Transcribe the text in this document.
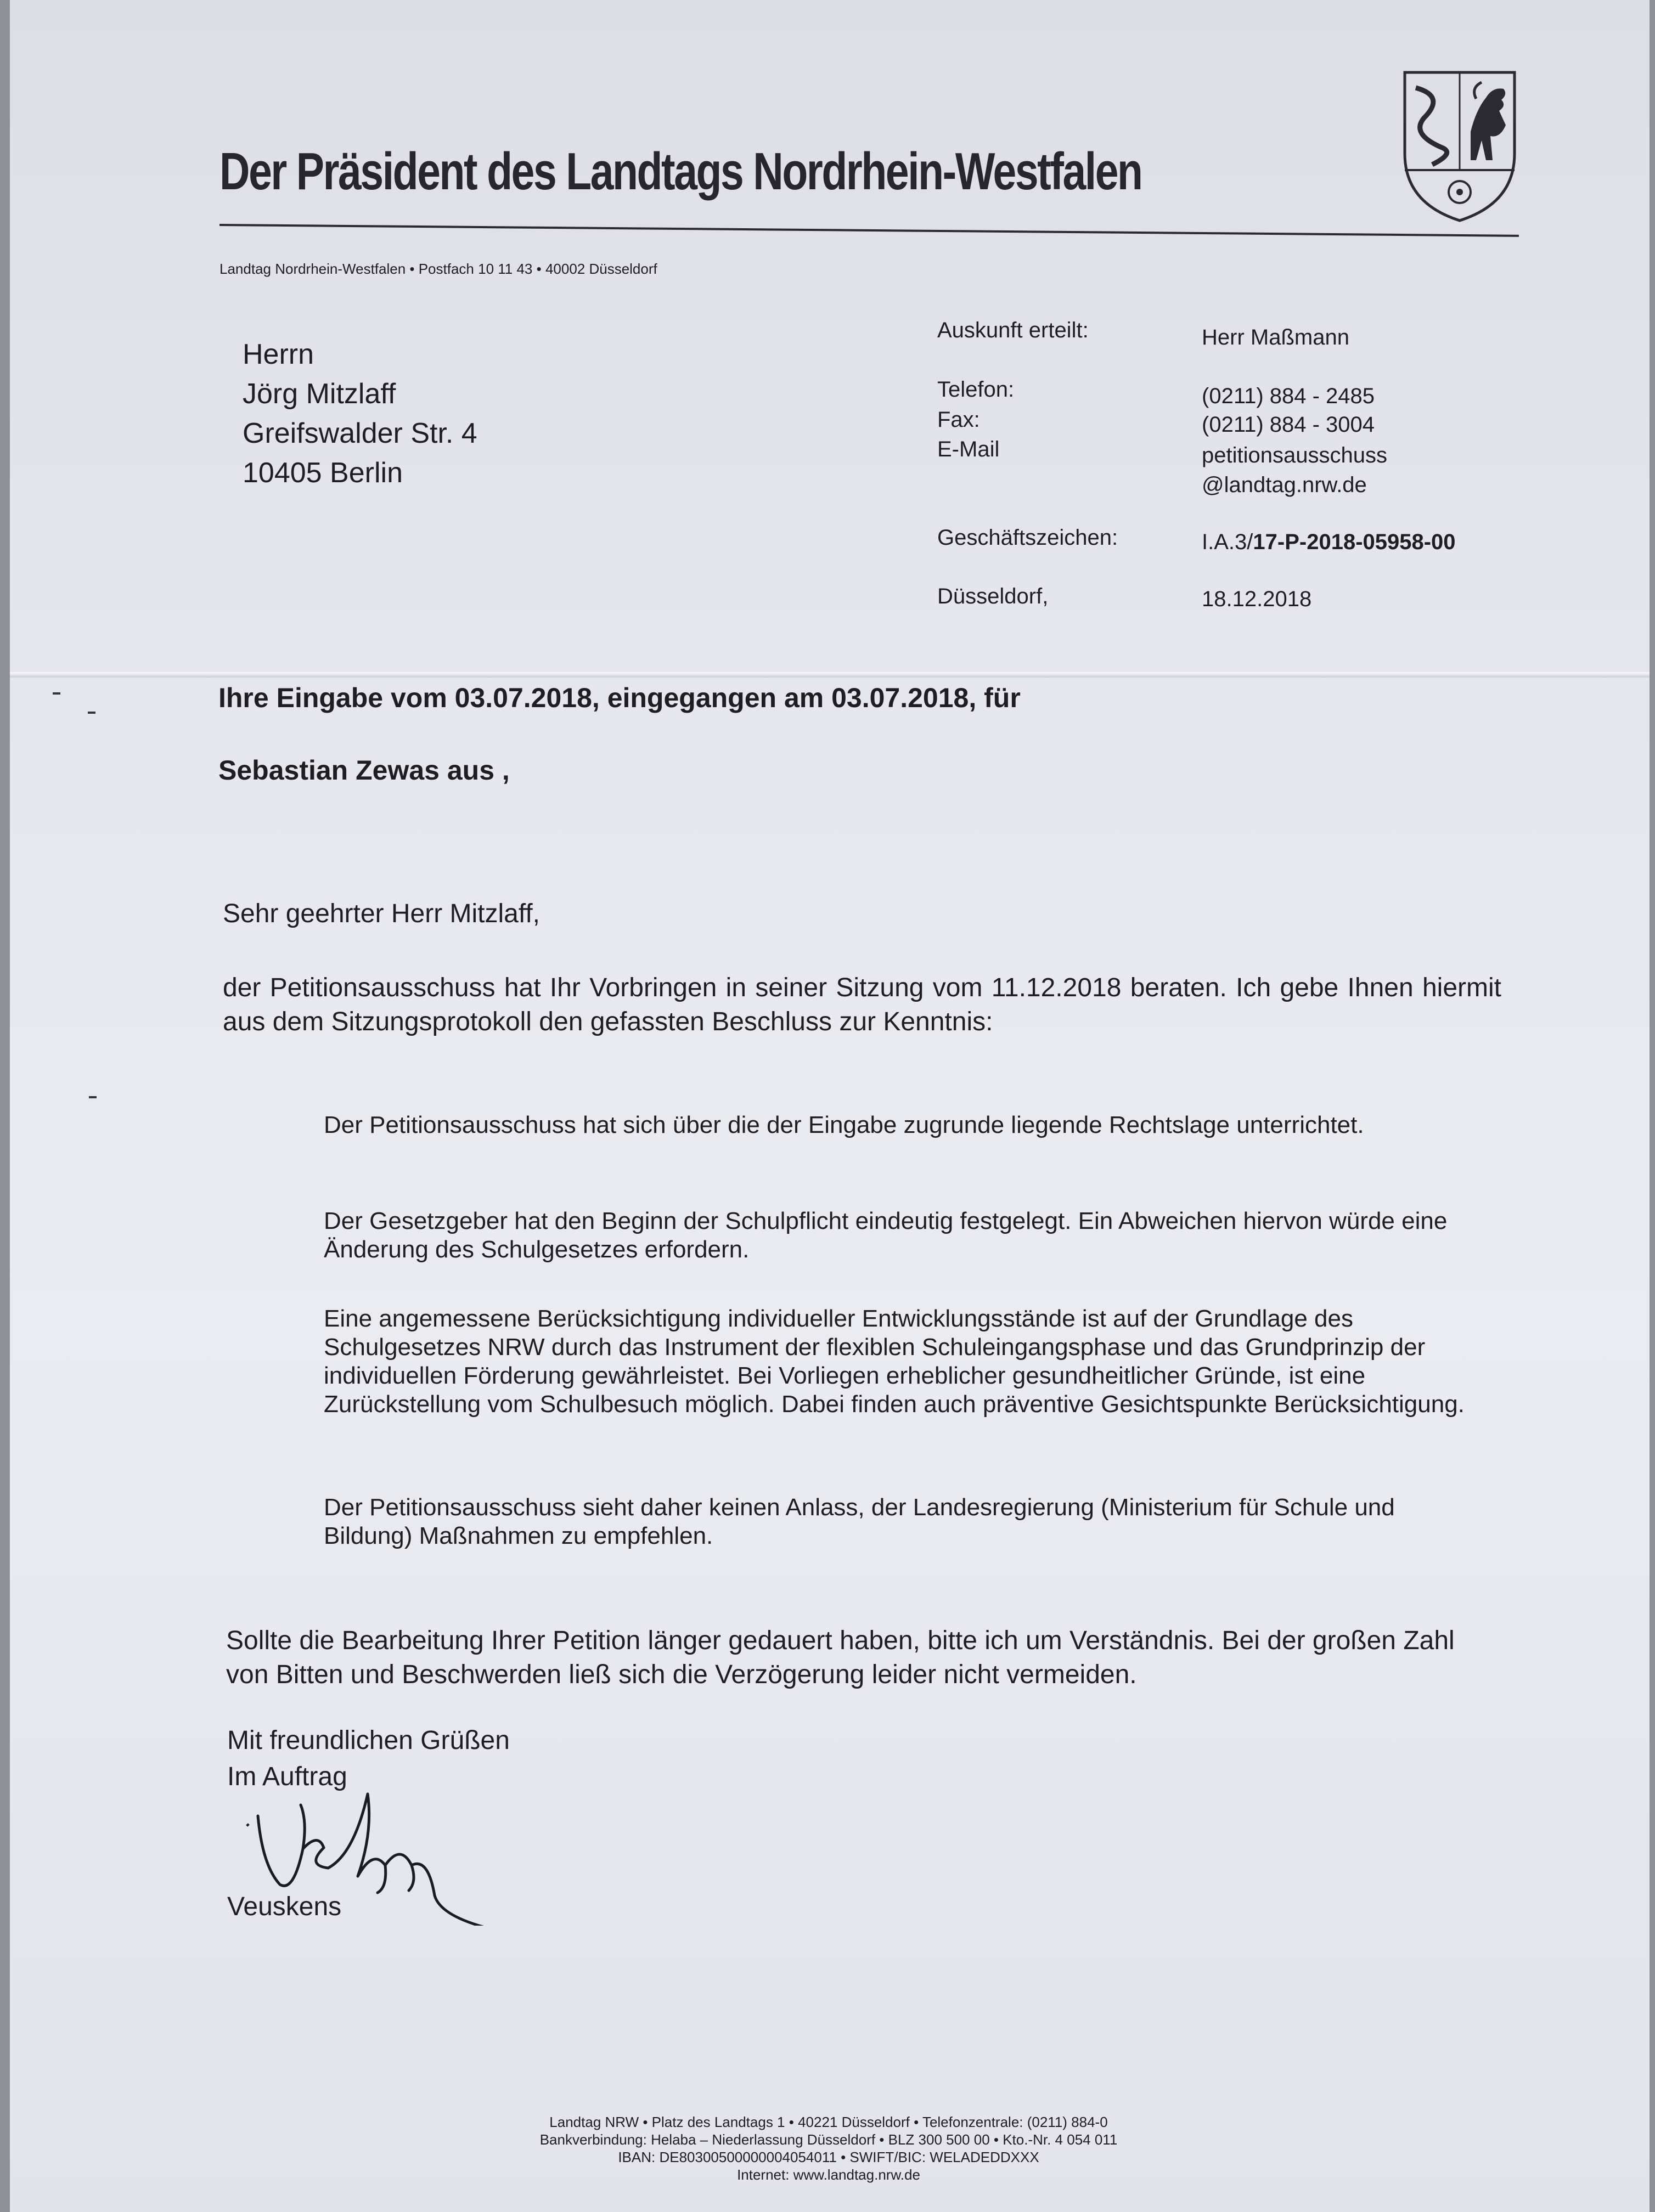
Der Präsident des Landtags Nordrhein-Westfalen
Landtag Nordrhein-Westfalen • Postfach 10 11 43 • 40002 Düsseldorf
Herrn
Jörg Mitzlaff
Greifswalder Str. 4
10405 Berlin
Auskunft erteilt:	Herr Maßmann
Telefon:	(0211) 884 - 2485
Fax:	(0211) 884 - 3004
E-Mail	petitionsausschuss
@landtag.nrw.de
Geschäftszeichen:	I.A.3/17-P-2018-05958-00
Düsseldorf,	18.12.2018
Ihre Eingabe vom 03.07.2018, eingegangen am 03.07.2018, für
Sebastian Zewas aus ,
Sehr geehrter Herr Mitzlaff,
der Petitionsausschuss hat Ihr Vorbringen in seiner Sitzung vom 11.12.2018 beraten. Ich gebe Ihnen hiermit aus dem Sitzungsprotokoll den gefassten Beschluss zur Kenntnis:
Der Petitionsausschuss hat sich über die der Eingabe zugrunde liegende Rechtslage unterrichtet.
Der Gesetzgeber hat den Beginn der Schulpflicht eindeutig festgelegt. Ein Abweichen hiervon würde eine Änderung des Schulgesetzes erfordern.
Eine angemessene Berücksichtigung individueller Entwicklungsstände ist auf der Grundlage des Schulgesetzes NRW durch das Instrument der flexiblen Schuleingangsphase und das Grundprinzip der individuellen Förderung gewährleistet. Bei Vorliegen erheblicher gesundheitlicher Gründe, ist eine Zurückstellung vom Schulbesuch möglich. Dabei finden auch präventive Gesichtspunkte Berücksichtigung.
Der Petitionsausschuss sieht daher keinen Anlass, der Landesregierung (Ministerium für Schule und Bildung) Maßnahmen zu empfehlen.
Sollte die Bearbeitung Ihrer Petition länger gedauert haben, bitte ich um Verständnis. Bei der großen Zahl von Bitten und Beschwerden ließ sich die Verzögerung leider nicht vermeiden.
Mit freundlichen Grüßen
Im Auftrag
Veuskens
Landtag NRW • Platz des Landtags 1 • 40221 Düsseldorf • Telefonzentrale: (0211) 884-0
Bankverbindung: Helaba – Niederlassung Düsseldorf • BLZ 300 500 00 • Kto.-Nr. 4 054 011
IBAN: DE80300500000004054011 • SWIFT/BIC: WELADEDDXXX
Internet: www.landtag.nrw.de
